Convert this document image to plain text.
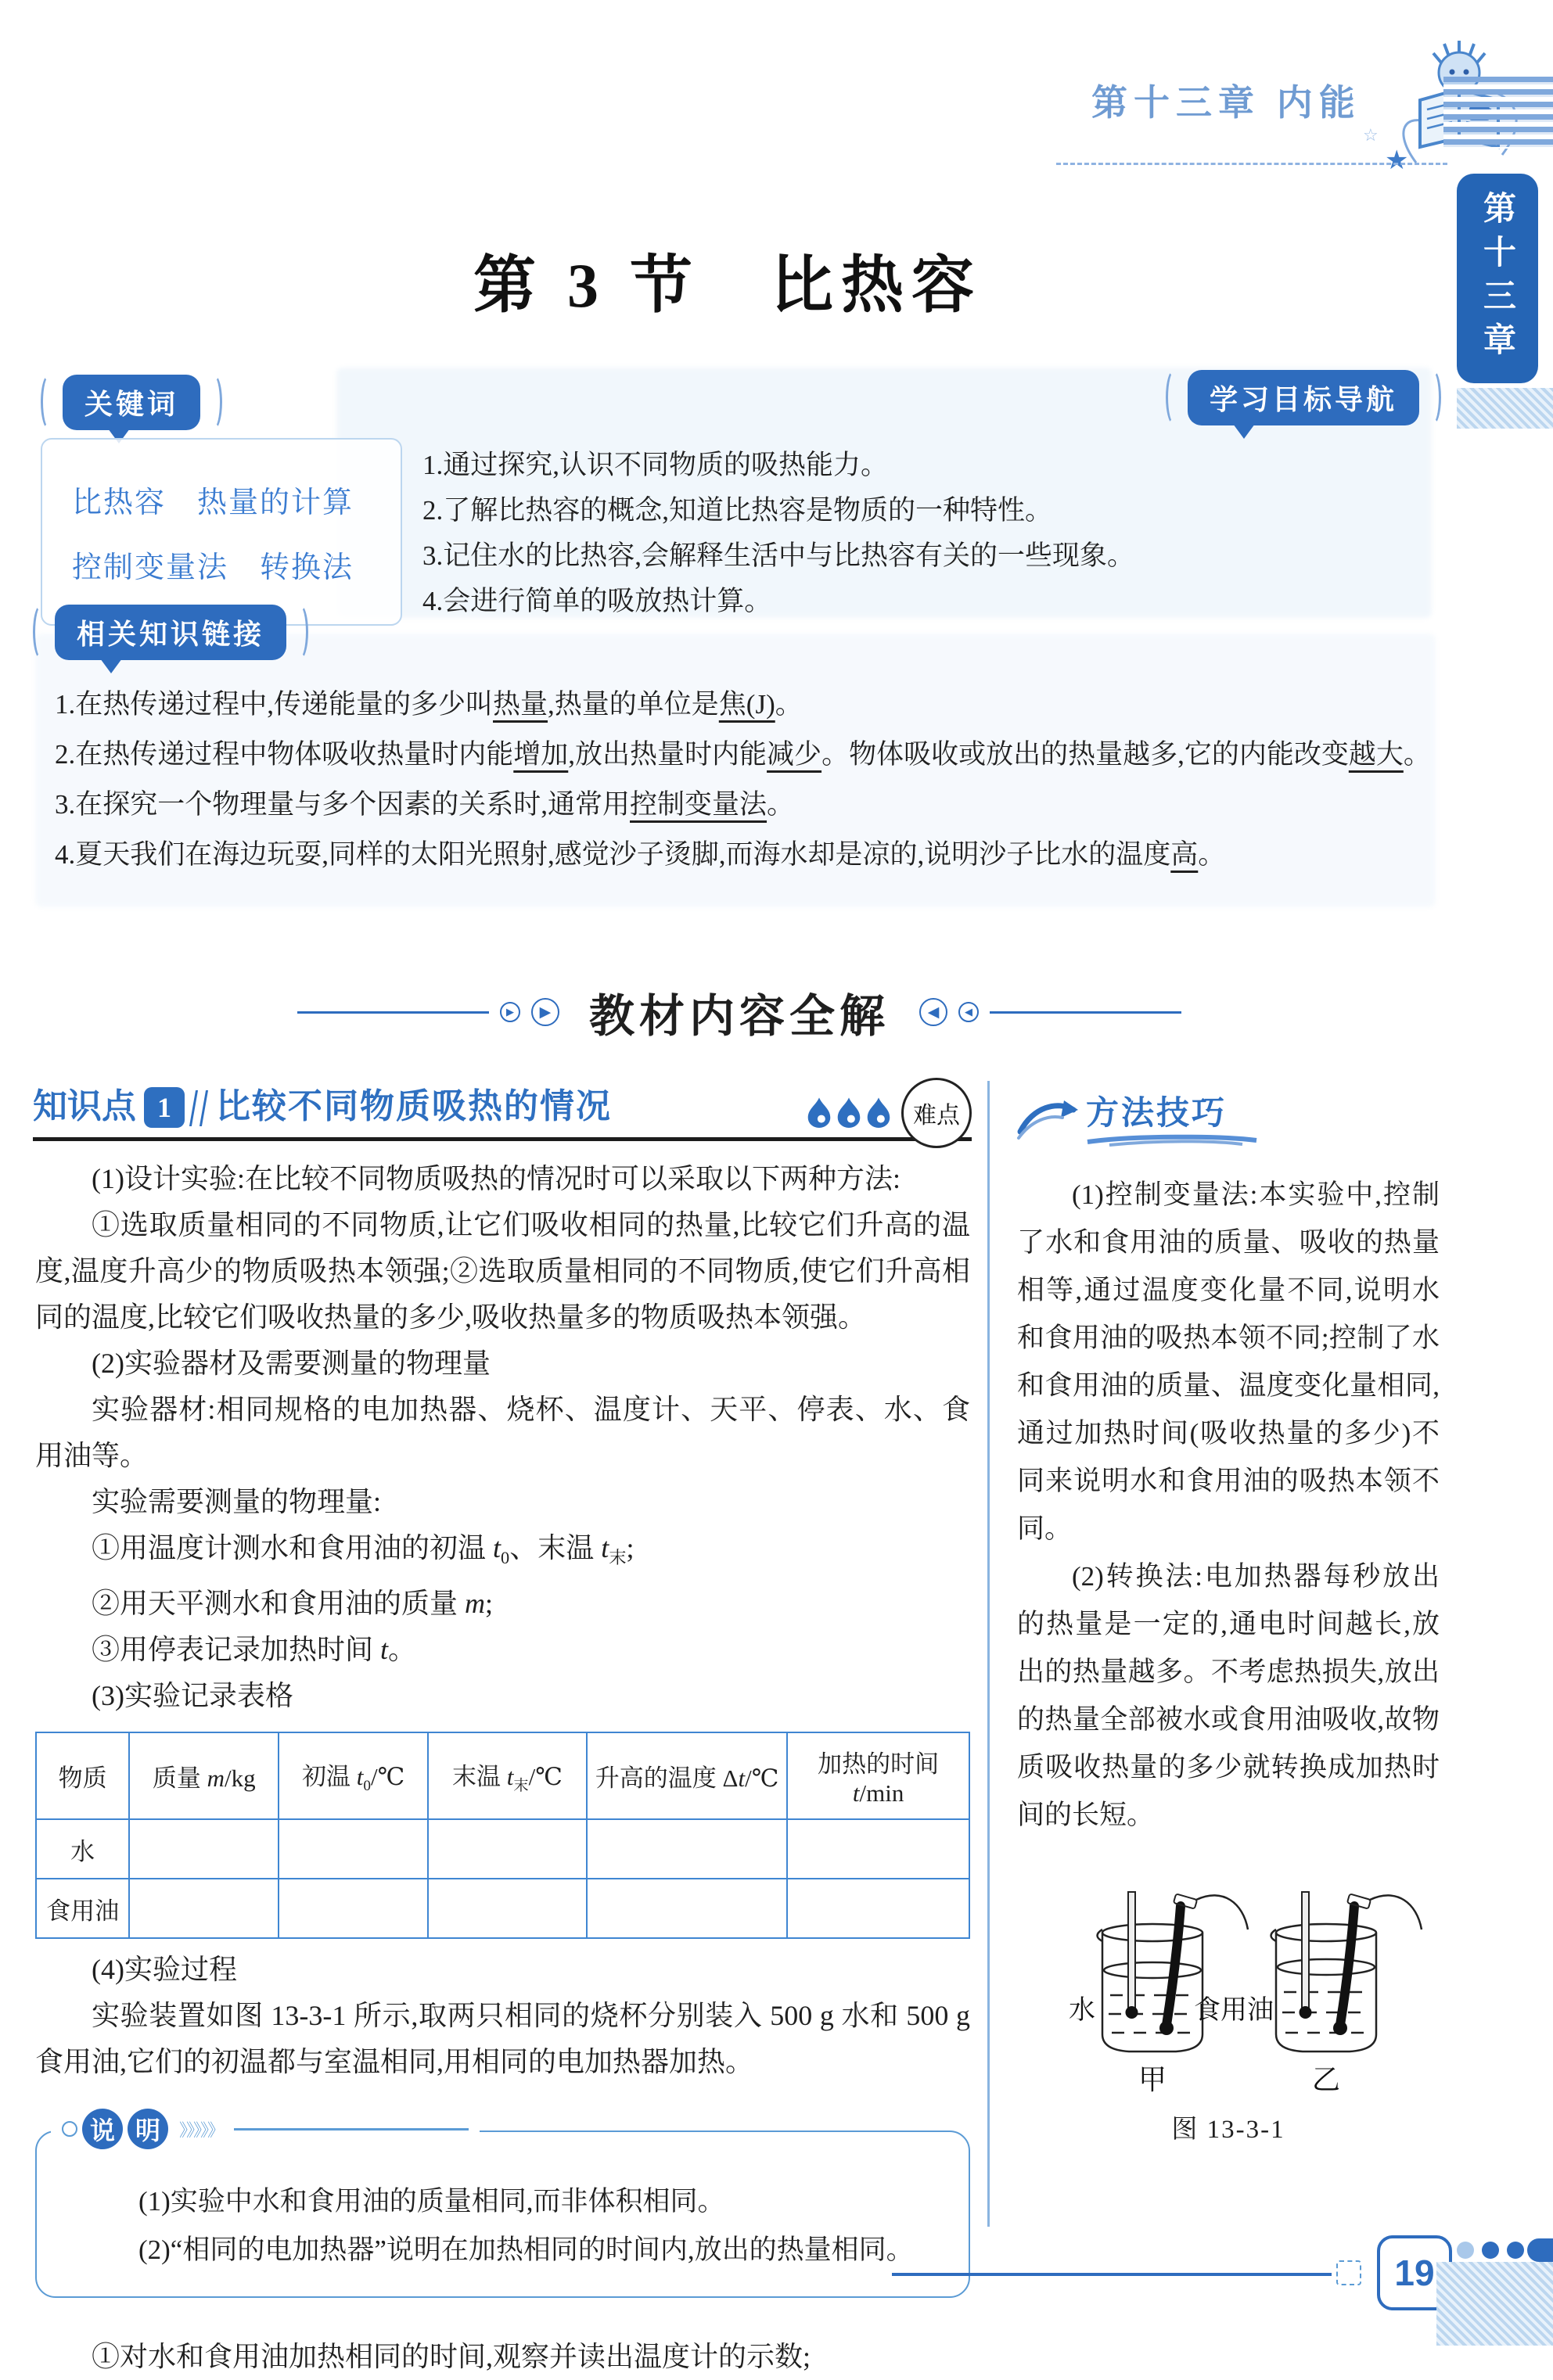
第十三章 内能
☆
★
第十三章
第 3 节　比热容
关键词
比热容　热量的计算
控制变量法　转换法
学习目标导航
1.通过探究,认识不同物质的吸热能力。
2.了解比热容的概念,知道比热容是物质的一种特性。
3.记住水的比热容,会解释生活中与比热容有关的一些现象。
4.会进行简单的吸放热计算。
相关知识链接
1.在热传递过程中,传递能量的多少叫热量,热量的单位是焦(J)。
2.在热传递过程中物体吸收热量时内能增加,放出热量时内能减少。物体吸收或放出的热量越多,它的内能改变越大。
3.在探究一个物理量与多个因素的关系时,通常用控制变量法。
4.夏天我们在海边玩耍,同样的太阳光照射,感觉沙子烫脚,而海水却是凉的,说明沙子比水的温度高。
▶	▶ 教材内容全解	◀	◀
知识点 1	比较不同物质吸热的情况	难点

(1)设计实验:在比较不同物质吸热的情况时可以采取以下两种方法:

①选取质量相同的不同物质,让它们吸收相同的热量,比较它们升高的温度,温度升高少的物质吸热本领强;②选取质量相同的不同物质,使它们升高相同的温度,比较它们吸收热量的多少,吸收热量多的物质吸热本领强。

(2)实验器材及需要测量的物理量

实验器材:相同规格的电加热器、烧杯、温度计、天平、停表、水、食用油等。

实验需要测量的物理量:

①用温度计测水和食用油的初温 $t_0$、末温 $t_末$;

②用天平测水和食用油的质量 m;

③用停表记录加热时间 t。

(3)实验记录表格

物质	质量 m/kg	初温 $t_0/℃$	末温 $t_末/℃$	升高的温度 Δt/℃	加热的时间 t/min
水					
食用油					

(4)实验过程

实验装置如图 13-3-1 所示,取两只相同的烧杯分别装入 500 g 水和 500 g 食用油,它们的初温都与室温相同,用相同的电加热器加热。

说 明	》》》》》

(1)实验中水和食用油的质量相同,而非体积相同。

(2)“相同的电加热器”说明在加热相同的时间内,放出的热量相同。

①对水和食用油加热相同的时间,观察并读出温度计的示数;

方法技巧

(1)控制变量法:本实验中,控制了水和食用油的质量、吸收的热量相等,通过温度变化量不同,说明水和食用油的吸热本领不同;控制了水和食用油的质量、温度变化量相同,通过加热时间(吸收热量的多少)不同来说明水和食用油的吸热本领不同。

(2)转换法:电加热器每秒放出的热量是一定的,通电时间越长,放出的热量越多。不考虑热损失,放出的热量全部被水或食用油吸收,故物质吸收热量的多少就转换成加热时间的长短。

水	食用油
甲	乙
图 13-3-1
19
